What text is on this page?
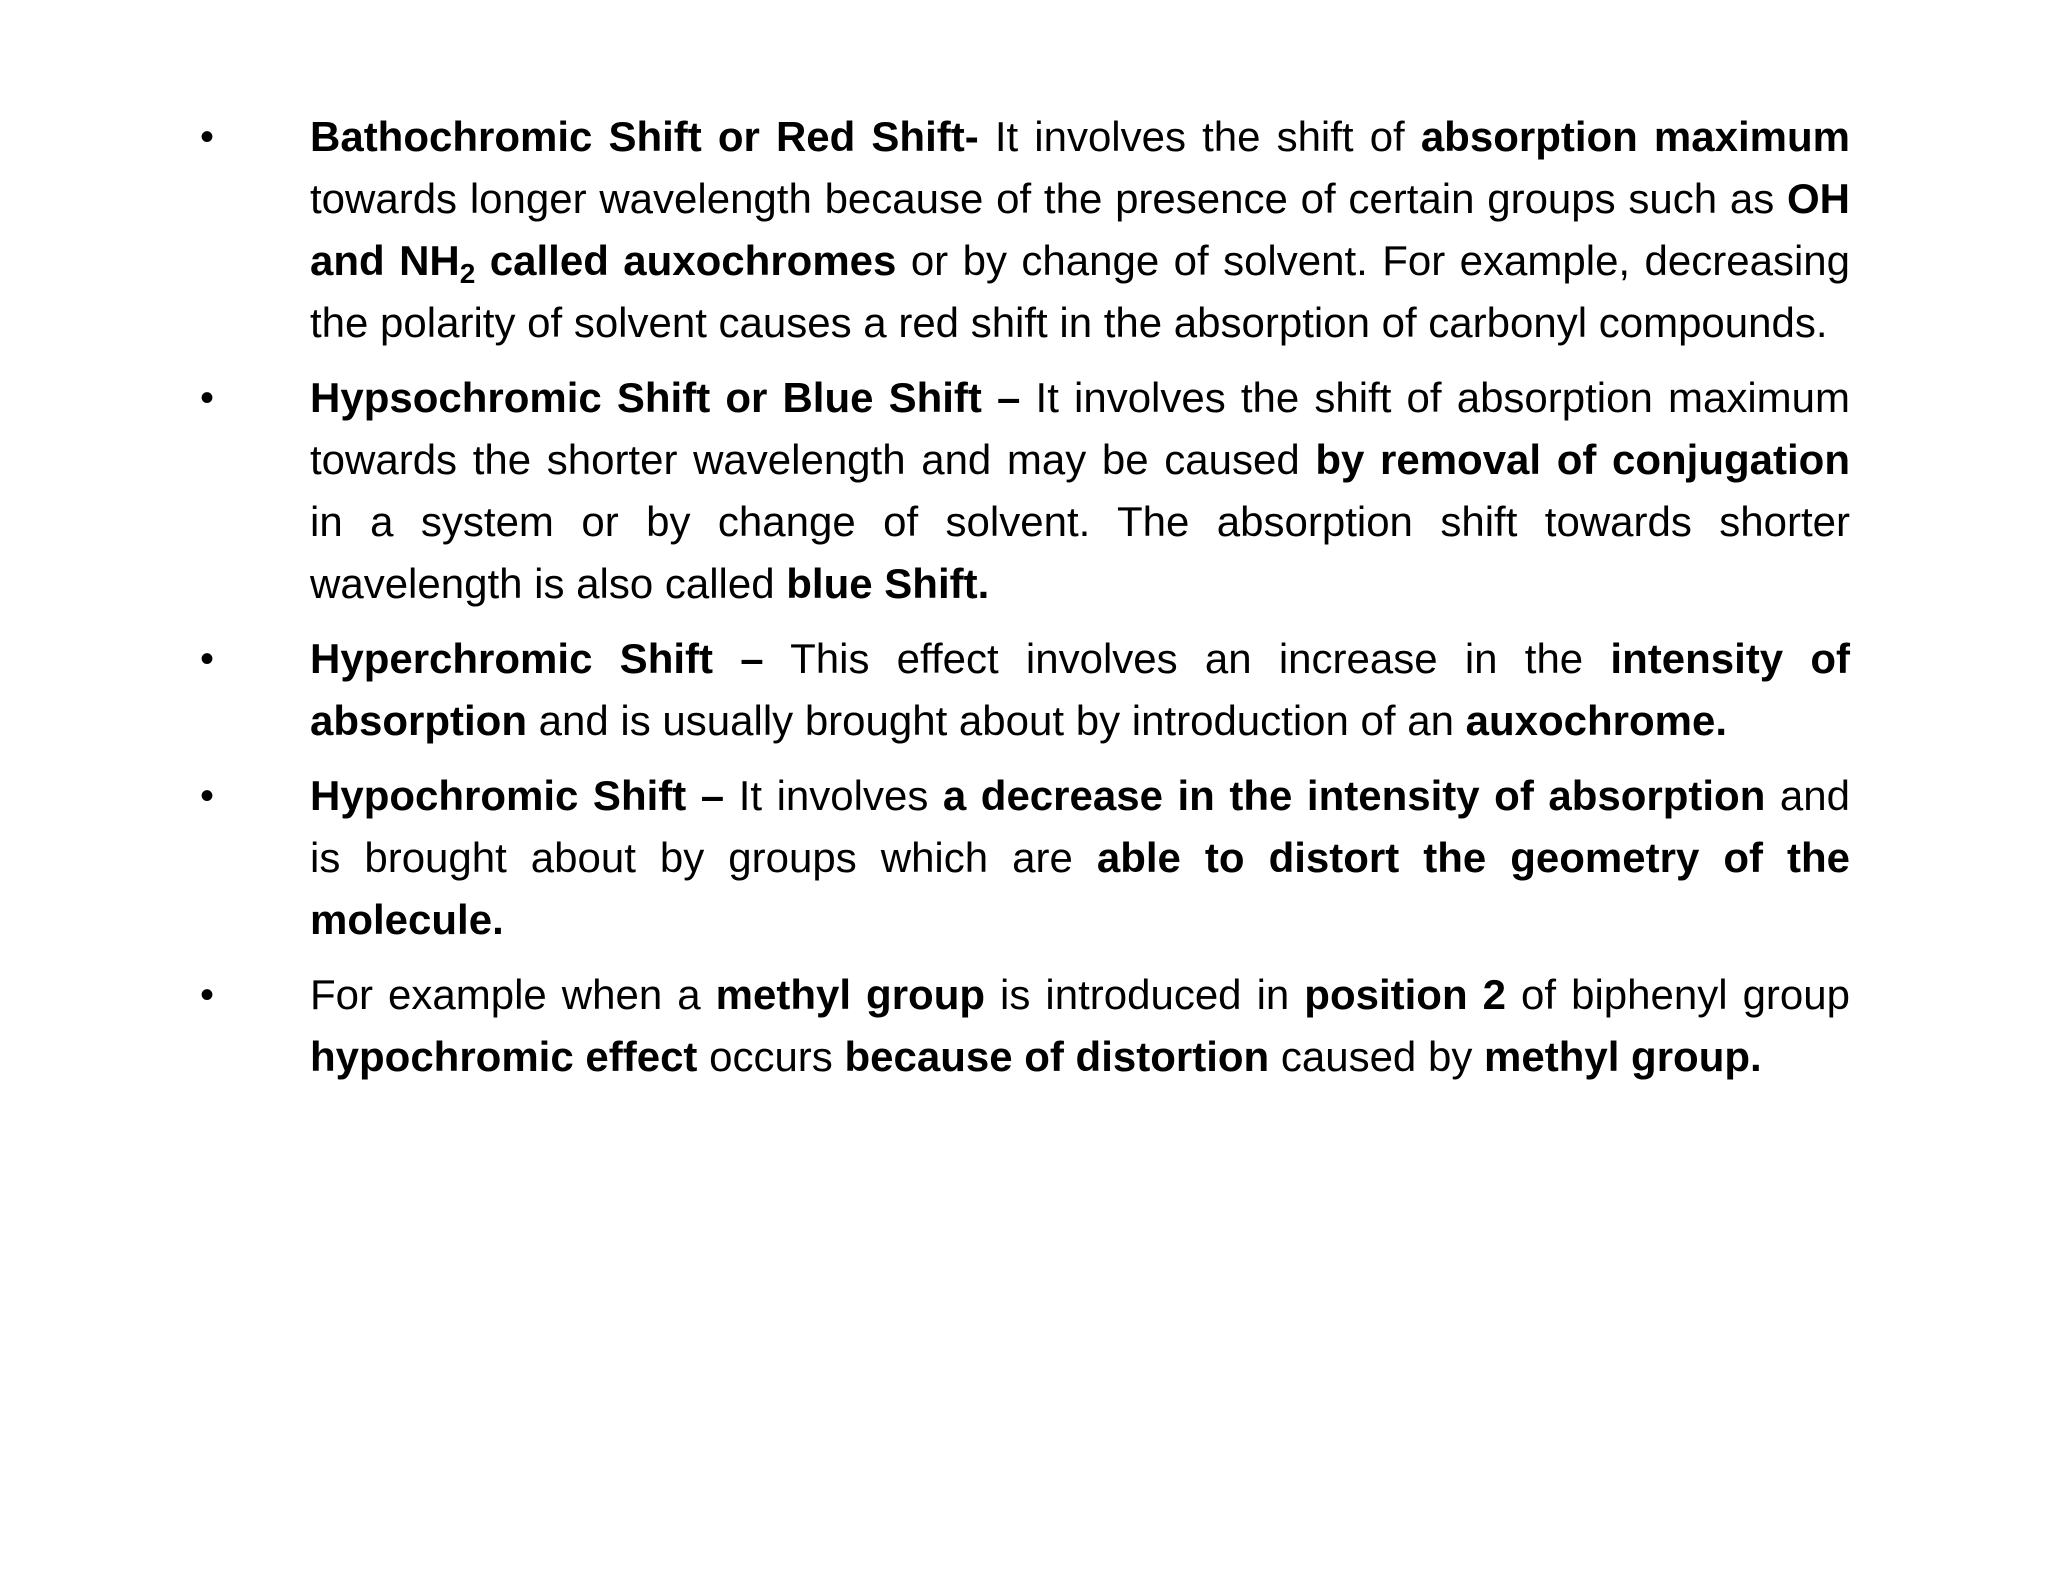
•	Bathochromic Shift or Red Shift- It involves the shift of absorption maximum towards longer wavelength because of the presence of certain groups such as OH and $NH_2$ called auxochromes or by change of solvent. For example, decreasing the polarity of solvent causes a red shift in the absorption of carbonyl compounds.
•	Hypsochromic Shift or Blue Shift – It involves the shift of absorption maximum towards the shorter wavelength and may be caused by removal of conjugation in a system or by change of solvent. The absorption shift towards shorter wavelength is also called blue Shift.
•	Hyperchromic Shift – This effect involves an increase in the intensity of absorption and is usually brought about by introduction of an auxochrome.
•	Hypochromic Shift – It involves a decrease in the intensity of absorption and is brought about by groups which are able to distort the geometry of the molecule.
•	For example when a methyl group is introduced in position 2 of biphenyl group hypochromic effect occurs because of distortion caused by methyl group.
